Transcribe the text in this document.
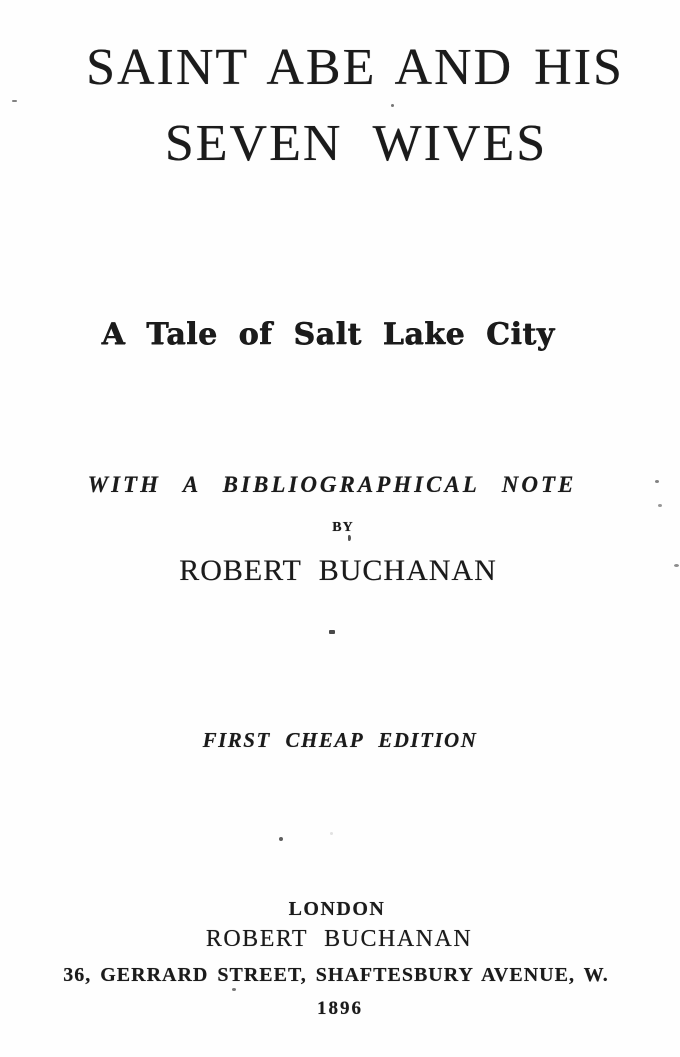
SAINT ABE AND HIS
SEVEN WIVES
A Tale of Salt Lake City
WITH A BIBLIOGRAPHICAL NOTE
BY
ROBERT BUCHANAN
FIRST CHEAP EDITION
LONDON
ROBERT BUCHANAN
36, GERRARD STREET, SHAFTESBURY AVENUE, W.
1896
